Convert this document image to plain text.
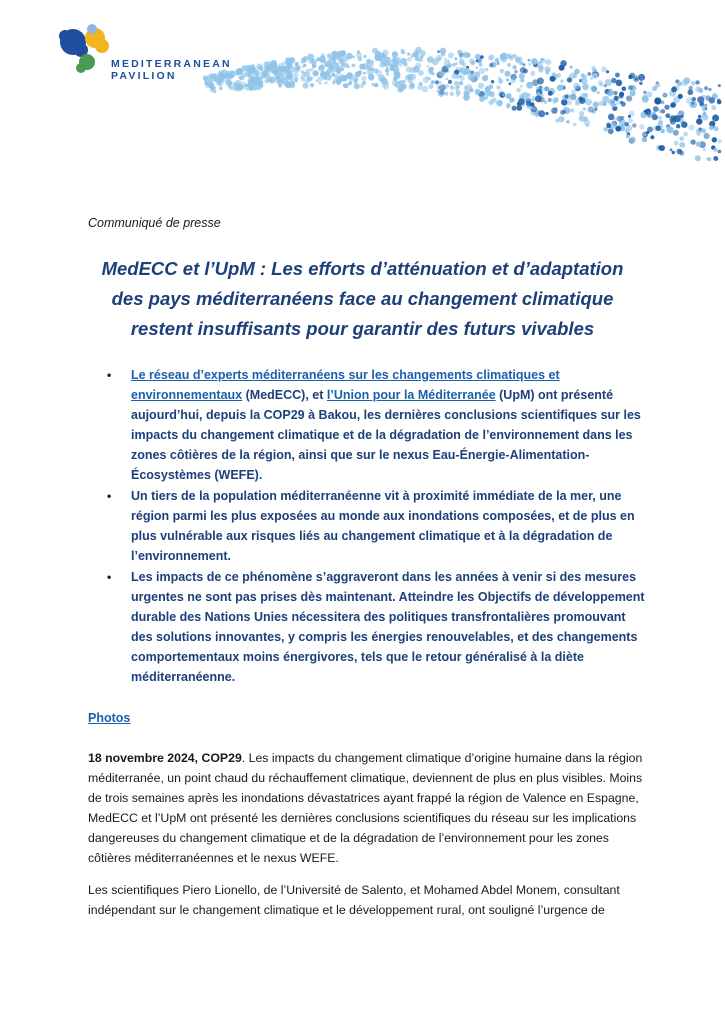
MEDITERRANEAN
PAVILION
Communiqué de presse
MedECC et l’UpM : Les efforts d’atténuation et d’adaptation
des pays méditerranéens face au changement climatique
restent insuffisants pour garantir des futurs vivables
• Le réseau d’experts méditerranéens sur les changements climatiques et environnementaux (MedECC), et l’Union pour la Méditerranée (UpM) ont présenté aujourd’hui, depuis la COP29 à Bakou, les dernières conclusions scientifiques sur les impacts du changement climatique et de la dégradation de l’environnement dans les zones côtières de la région, ainsi que sur le nexus Eau-Énergie-Alimentation-Écosystèmes (WEFE).
• Un tiers de la population méditerranéenne vit à proximité immédiate de la mer, une région parmi les plus exposées au monde aux inondations composées, et de plus en plus vulnérable aux risques liés au changement climatique et à la dégradation de l’environnement.
• Les impacts de ce phénomène s’aggraveront dans les années à venir si des mesures urgentes ne sont pas prises dès maintenant. Atteindre les Objectifs de développement durable des Nations Unies nécessitera des politiques transfrontalières promouvant des solutions innovantes, y compris les énergies renouvelables, et des changements comportementaux moins énergivores, tels que le retour généralisé à la diète méditerranéenne.
Photos
18 novembre 2024, COP29. Les impacts du changement climatique d’origine humaine dans la région méditerranée, un point chaud du réchauffement climatique, deviennent de plus en plus visibles. Moins de trois semaines après les inondations dévastatrices ayant frappé la région de Valence en Espagne, MedECC et l’UpM ont présenté les dernières conclusions scientifiques du réseau sur les implications dangereuses du changement climatique et de la dégradation de l’environnement pour les zones côtières méditerranéennes et le nexus WEFE.
Les scientifiques Piero Lionello, de l’Université de Salento, et Mohamed Abdel Monem, consultant indépendant sur le changement climatique et le développement rural, ont souligné l’urgence de
